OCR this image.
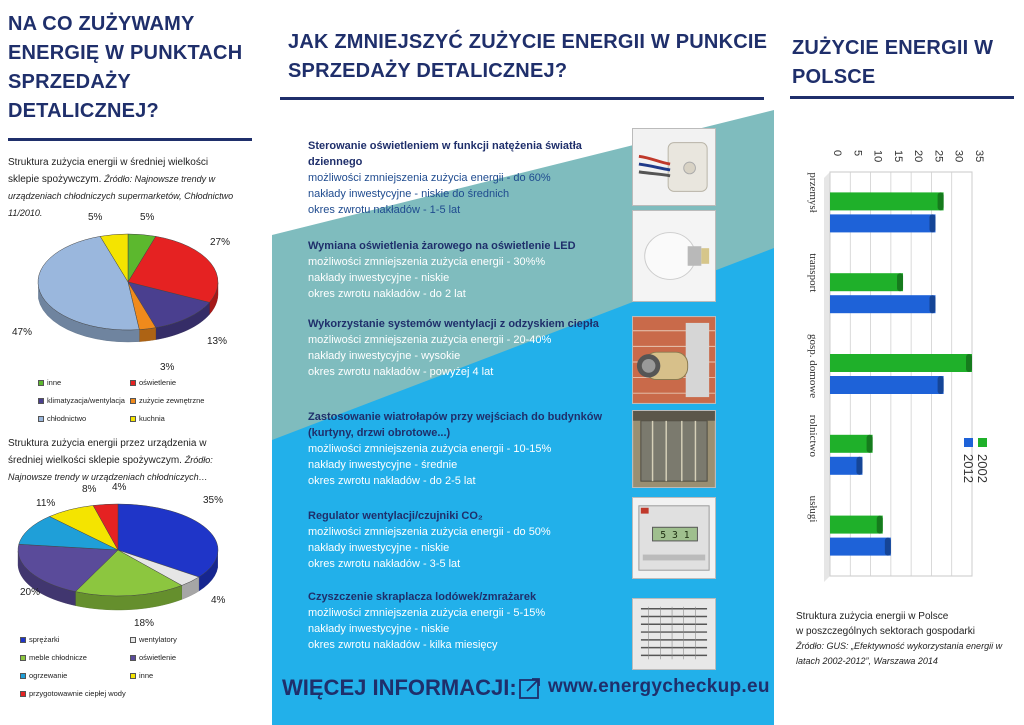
NA CO ZUŻYWAMY ENERGIĘ W PUNKTACH SPRZEDAŻY DETALICZNEJ?
Struktura zużycia energii w średniej wielkości sklepie spożywczym. Źródło: Najnowsze trendy w urządzeniach chłodniczych supermarketów, Chłodnictwo 11/2010.	5%
27%
13%
3%
47%
5%
inne	oświetlenie
klimatyzacja/wentylacja zużycie zewnętrzne
chłodnictwo	kuchnia
Struktura zużycia energii przez urządzenia w średniej wielkości sklepie spożywczym. Źródło: Najnowsze trendy w urządzeniach chłodniczych…
35%
4%
18%
20%
11%
8% 4%
sprężarki	wentylatory
meble chłodnicze	oświetlenie
ogrzewanie	inne
przygotowawnie ciepłej wody
JAK ZMNIEJSZYĆ ZUŻYCIE ENERGII W PUNKCIE SPRZEDAŻY DETALICZNEJ?
Sterowanie oświetleniem w funkcji natężenia światła dziennego
możliwości zmniejszenia zużycia energii - do 60%
nakłady inwestycyjne - niskie do średnich
okres zwrotu nakładów - 1-5 lat
Wymiana oświetlenia żarowego na oświetlenie LED
możliwości zmniejszenia zużycia energii - 30%%
nakłady inwestycyjne - niskie
okres zwrotu nakładów - do 2 lat
Wykorzystanie systemów wentylacji z odzyskiem ciepła
możliwości zmniejszenia zużycia energii - 20-40%
nakłady inwestycyjne - wysokie
okres zwrotu nakładów - powyżej 4 lat
Zastosowanie wiatrołapów przy wejściach do budynków (kurtyny, drzwi obrotowe...)
możliwości zmniejszenia zużycia energii - 10-15%
nakłady inwestycyjne - średnie
okres zwrotu nakładów - do 2-5 lat
Regulator wentylacji/czujniki CO₂
możliwości zmniejszenia zużycia energii - do 50%
nakłady inwestycyjne - niskie
okres zwrotu nakładów - 3-5 lat
Czyszczenie skraplacza lodówek/zmrażarek
możliwości zmniejszenia zużycia energii - 5-15%
nakłady inwestycyjne - niskie
okres zwrotu nakładów - kilka miesięcy
5 3 1
WIĘCEJ INFORMACJI: www.energycheckup.eu
ZUŻYCIE ENERGII W POLSCE
0 5 10 15 20 25 30 35
przemysł
transport
gosp. domowe
rolnictwo
usługi
2002
2012
Struktura zużycia energii w Polsce
w poszczególnych sektorach gospodarki
Źródło: GUS: „Efektywność wykorzystania energii w latach 2002-2012”, Warszawa 2014
